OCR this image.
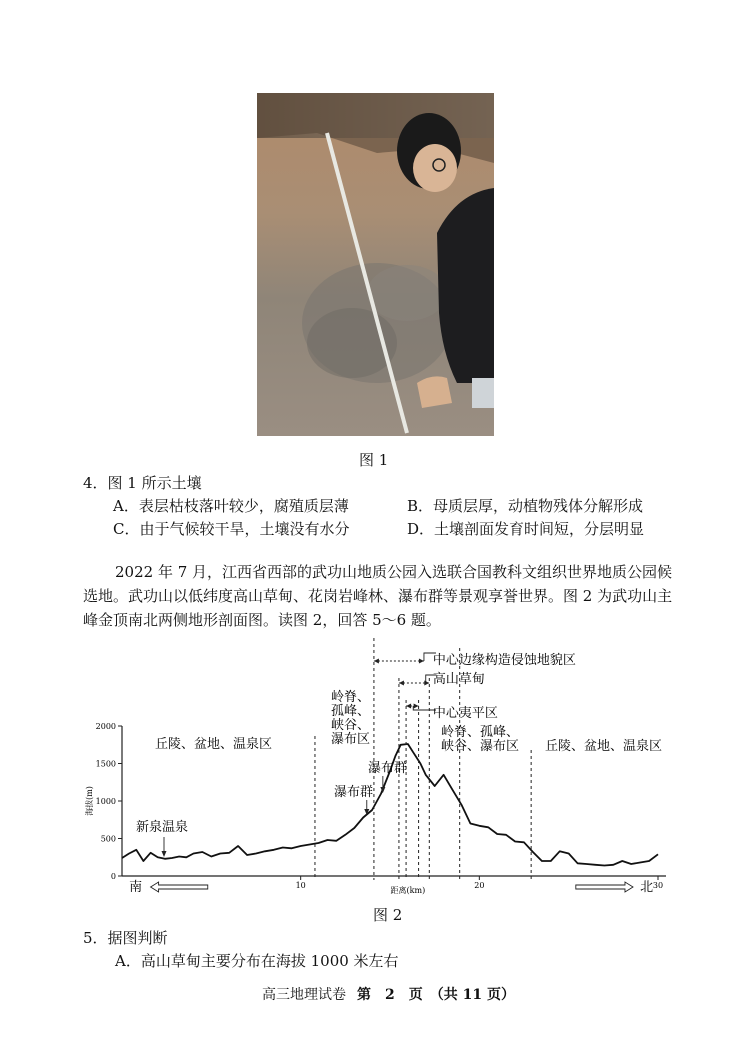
图 1
4．图 1 所示土壤
A．表层枯枝落叶较少，腐殖质层薄	B．母质层厚，动植物残体分解形成
C．由于气候较干旱，土壤没有水分	D．土壤剖面发育时间短，分层明显
2022 年 7 月，江西省西部的武功山地质公园入选联合国教科文组织世界地质公园候
选地。武功山以低纬度高山草甸、花岗岩峰林、瀑布群等景观享誉世界。图 2 为武功山主
峰金顶南北两侧地形剖面图。读图 2，回答 5～6 题。
0
500
1000
1500
2000
10	20	30
海拔(m)
距离(km)
中心边缘构造侵蚀地貌区
高山草甸
中心夷平区
丘陵、盆地、温泉区
新泉温泉
岭脊、
孤峰、
峡谷、
瀑布区
瀑布群
瀑布群
岭脊、孤峰、
峡谷、瀑布区 丘陵、盆地、温泉区
南	北
图 2
5．据图判断
A．高山草甸主要分布在海拔 1000 米左右
高三地理试卷 第　2　页　（共 11 页）
